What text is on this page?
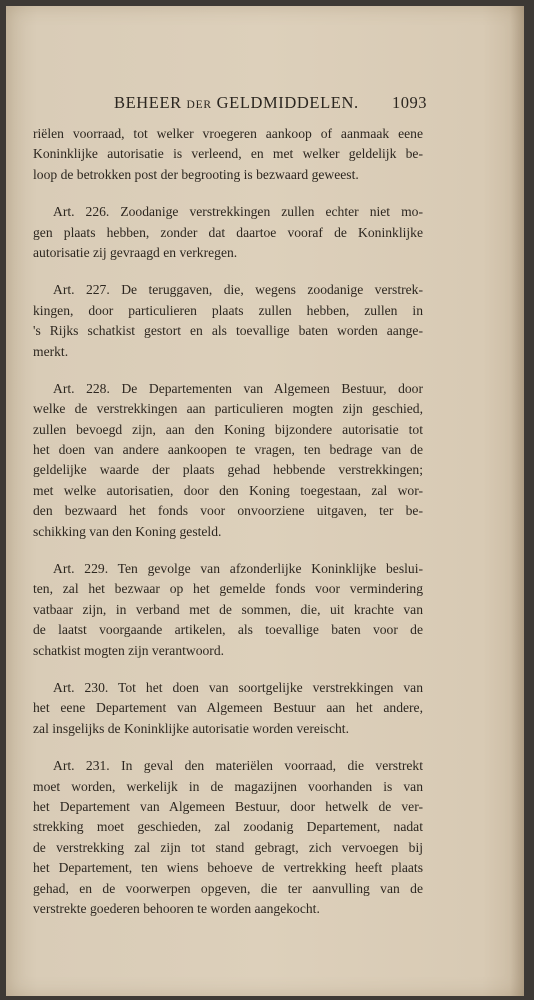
BEHEER DER GELDMIDDELEN. 1093
riëlen voorraad, tot welker vroegeren aankoop of aanmaak eene
Koninklijke autorisatie is verleend, en met welker geldelijk be-
loop de betrokken post der begrooting is bezwaard geweest.
Art. 226. Zoodanige verstrekkingen zullen echter niet mo-
gen plaats hebben, zonder dat daartoe vooraf de Koninklijke
autorisatie zij gevraagd en verkregen.
Art. 227. De teruggaven, die, wegens zoodanige verstrek-
kingen, door particulieren plaats zullen hebben, zullen in
's Rijks schatkist gestort en als toevallige baten worden aange-
merkt.
Art. 228. De Departementen van Algemeen Bestuur, door
welke de verstrekkingen aan particulieren mogten zijn geschied,
zullen bevoegd zijn, aan den Koning bijzondere autorisatie tot
het doen van andere aankoopen te vragen, ten bedrage van de
geldelijke waarde der plaats gehad hebbende verstrekkingen;
met welke autorisatien, door den Koning toegestaan, zal wor-
den bezwaard het fonds voor onvoorziene uitgaven, ter be-
schikking van den Koning gesteld.
Art. 229. Ten gevolge van afzonderlijke Koninklijke beslui-
ten, zal het bezwaar op het gemelde fonds voor vermindering
vatbaar zijn, in verband met de sommen, die, uit krachte van
de laatst voorgaande artikelen, als toevallige baten voor de
schatkist mogten zijn verantwoord.
Art. 230. Tot het doen van soortgelijke verstrekkingen van
het eene Departement van Algemeen Bestuur aan het andere,
zal insgelijks de Koninklijke autorisatie worden vereischt.
Art. 231. In geval den materiëlen voorraad, die verstrekt
moet worden, werkelijk in de magazijnen voorhanden is van
het Departement van Algemeen Bestuur, door hetwelk de ver-
strekking moet geschieden, zal zoodanig Departement, nadat
de verstrekking zal zijn tot stand gebragt, zich vervoegen bij
het Departement, ten wiens behoeve de vertrekking heeft plaats
gehad, en de voorwerpen opgeven, die ter aanvulling van de
verstrekte goederen behooren te worden aangekocht.
